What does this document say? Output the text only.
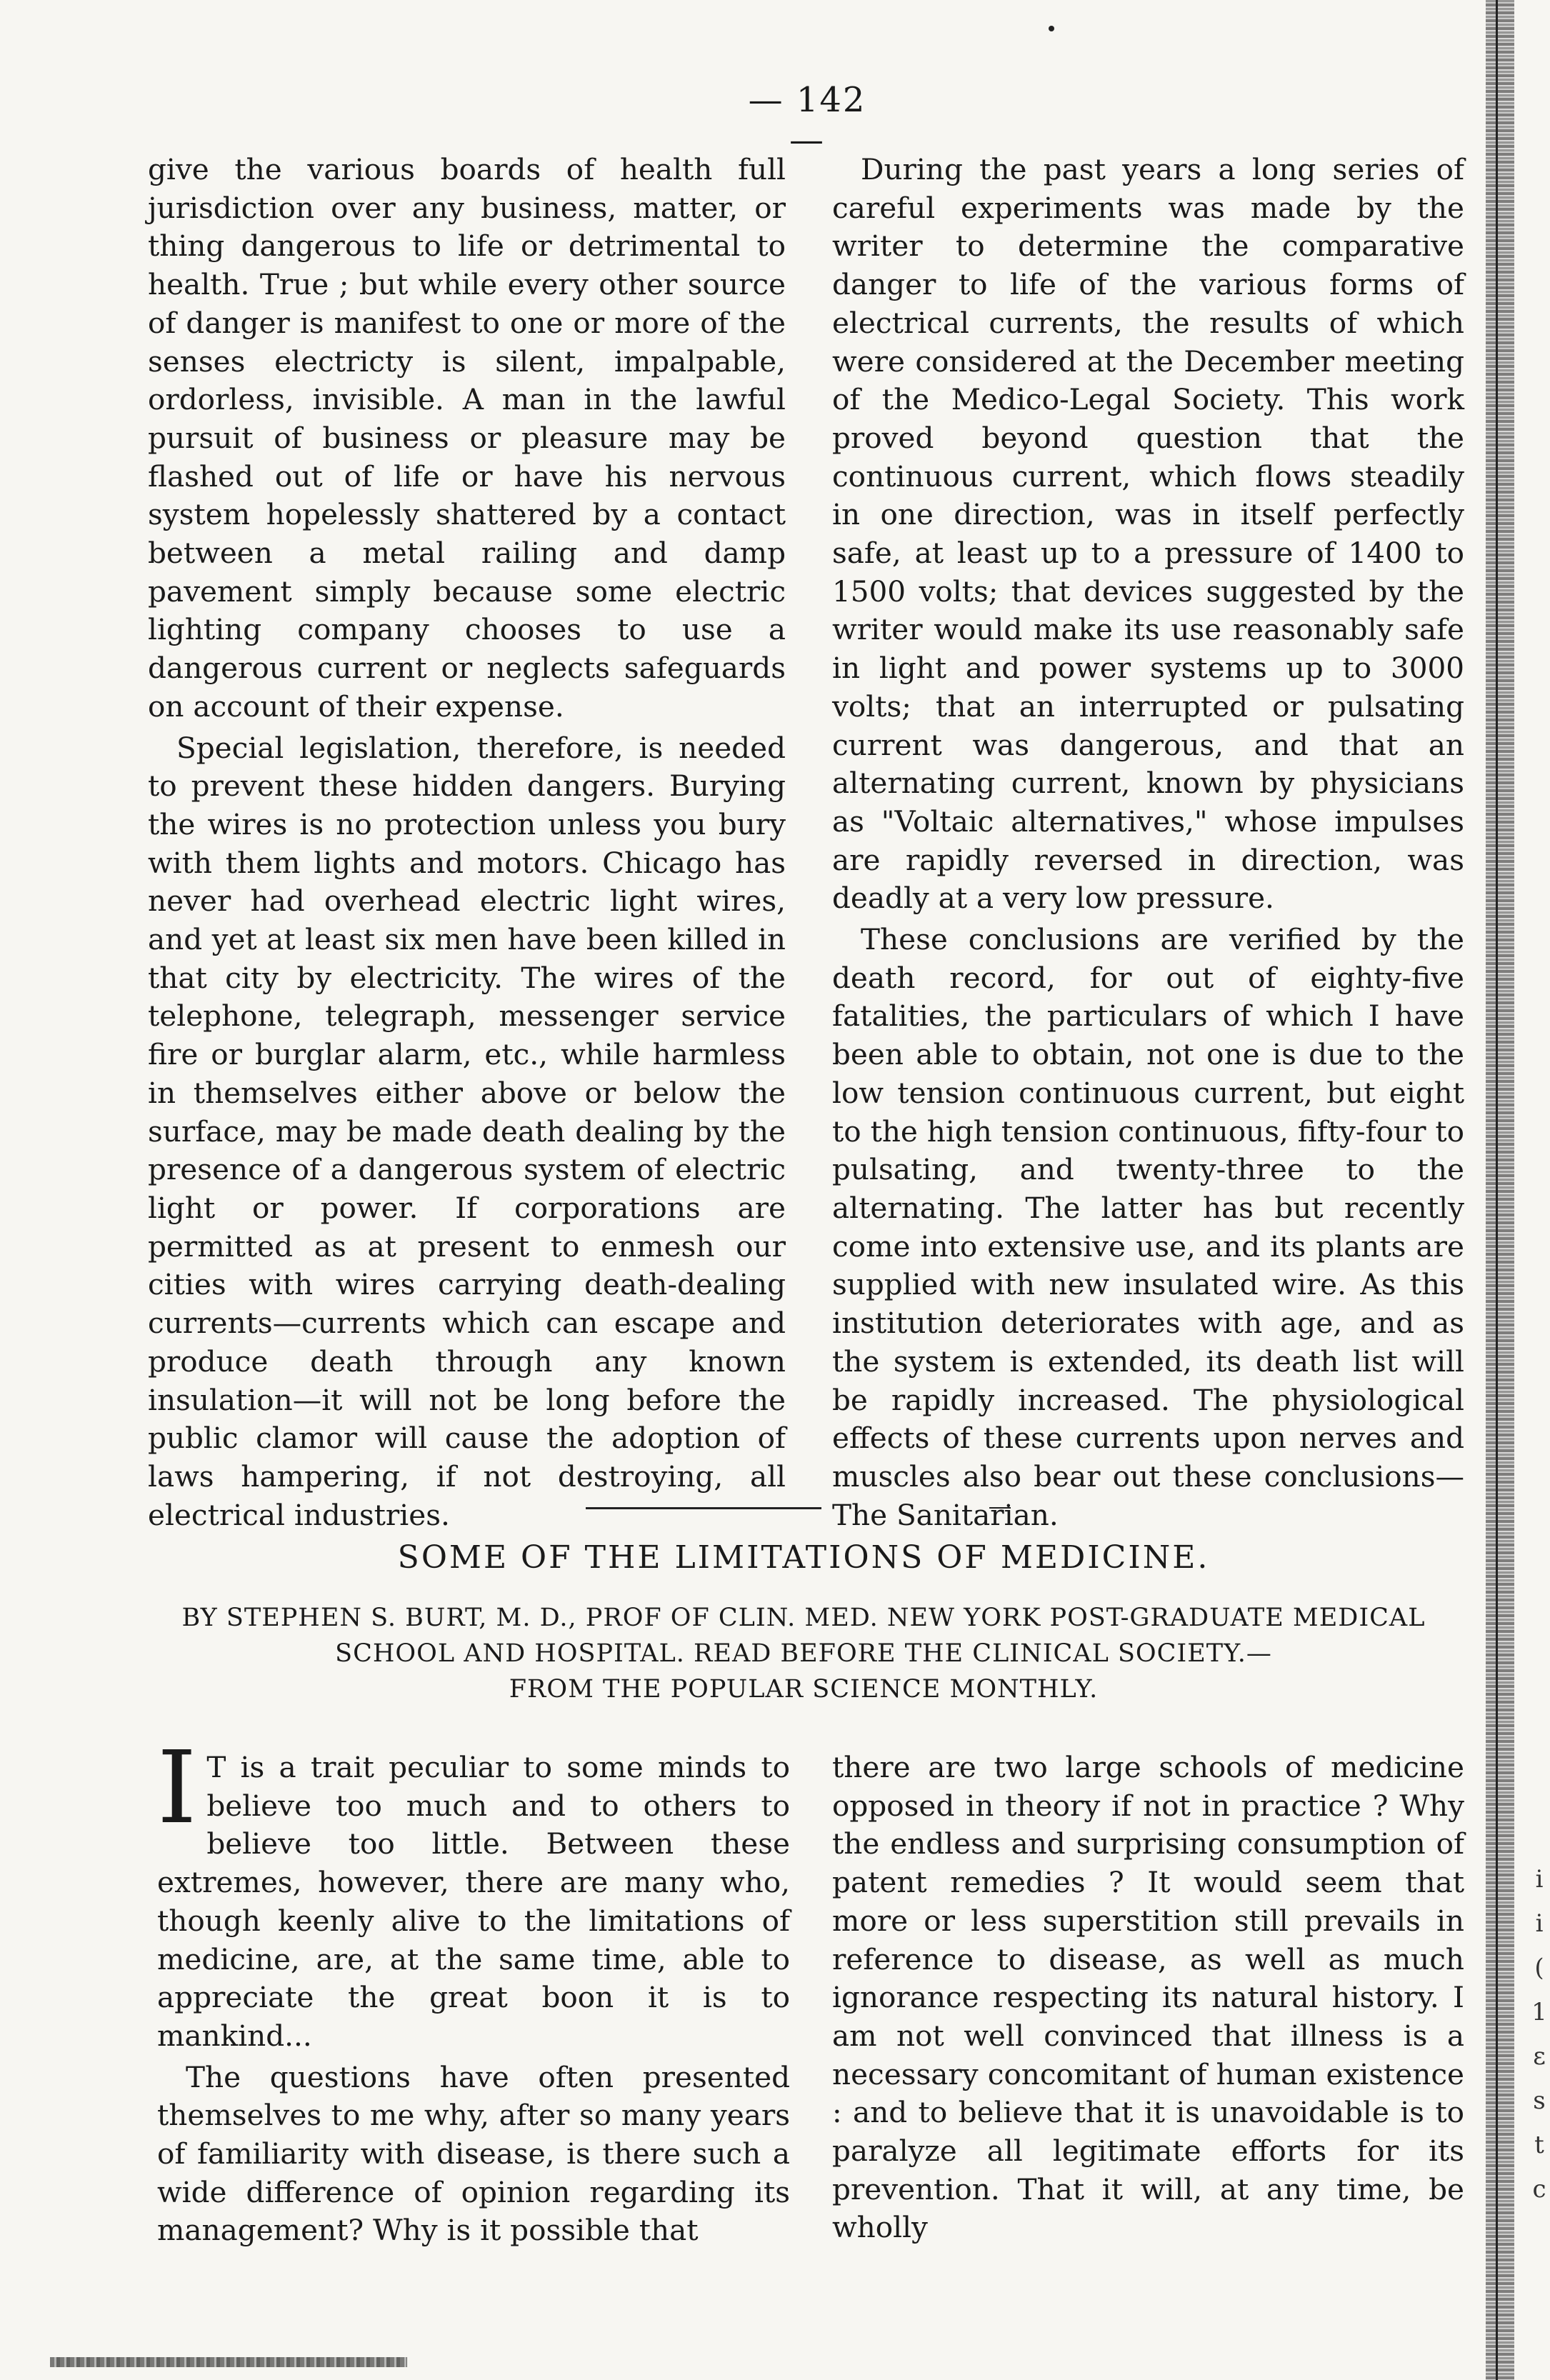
— 142 —

give the various boards of health full jurisdiction over any business, matter, or thing dangerous to life or detrimental to health. True ; but while every other source of danger is manifest to one or more of the senses electricty is silent, impalpable, ordorless, invisible. A man in the lawful pursuit of business or pleasure may be flashed out of life or have his nervous system hopelessly shattered by a contact between a metal railing and damp pavement simply because some electric lighting company chooses to use a dangerous current or neglects safeguards on account of their expense.

Special legislation, therefore, is needed to prevent these hidden dangers. Burying the wires is no protection unless you bury with them lights and motors. Chicago has never had overhead electric light wires, and yet at least six men have been killed in that city by electricity. The wires of the telephone, telegraph, messenger service fire or burglar alarm, etc., while harmless in themselves either above or below the surface, may be made death dealing by the presence of a dangerous system of electric light or power. If corporations are permitted as at present to enmesh our cities with wires carrying death-dealing currents—currents which can escape and produce death through any known insulation—it will not be long before the public clamor will cause the adoption of laws hampering, if not destroying, all electrical industries.

During the past years a long series of careful experiments was made by the writer to determine the comparative danger to life of the various forms of electrical currents, the results of which were considered at the December meeting of the Medico-Legal Society. This work proved beyond question that the continuous current, which flows steadily in one direction, was in itself perfectly safe, at least up to a pressure of 1400 to 1500 volts; that devices suggested by the writer would make its use reasonably safe in light and power systems up to 3000 volts; that an interrupted or pulsating current was dangerous, and that an alternating current, known by physicians as "Voltaic alternatives," whose impulses are rapidly reversed in direction, was deadly at a very low pressure.

These conclusions are verified by the death record, for out of eighty-five fatalities, the particulars of which I have been able to obtain, not one is due to the low tension continuous current, but eight to the high tension continuous, fifty-four to pulsating, and twenty-three to the alternating. The latter has but recently come into extensive use, and its plants are supplied with new insulated wire. As this institution deteriorates with age, and as the system is extended, its death list will be rapidly increased. The physiological effects of these currents upon nerves and muscles also bear out these conclusions—The Sanitarian.

SOME OF THE LIMITATIONS OF MEDICINE.
BY STEPHEN S. BURT, M. D., PROF OF CLIN. MED. NEW YORK POST-GRADUATE MEDICAL
SCHOOL AND HOSPITAL. READ BEFORE THE CLINICAL SOCIETY.—
FROM THE POPULAR SCIENCE MONTHLY.

I T is a trait peculiar to some minds to believe too much and to others to believe too little. Between these extremes, however, there are many who, though keenly alive to the limitations of medicine, are, at the same time, able to appreciate the great boon it is to mankind...

The questions have often presented themselves to me why, after so many years of familiarity with disease, is there such a wide difference of opinion regarding its management? Why is it possible that

there are two large schools of medicine opposed in theory if not in practice ? Why the endless and surprising consumption of patent remedies ? It would seem that more or less superstition still prevails in reference to disease, as well as much ignorance respecting its natural history. I am not well convinced that illness is a necessary concomitant of human existence : and to believe that it is unavoidable is to paralyze all legitimate efforts for its prevention. That it will, at any time, be wholly

i
i
(
1
ε
s
t
c
